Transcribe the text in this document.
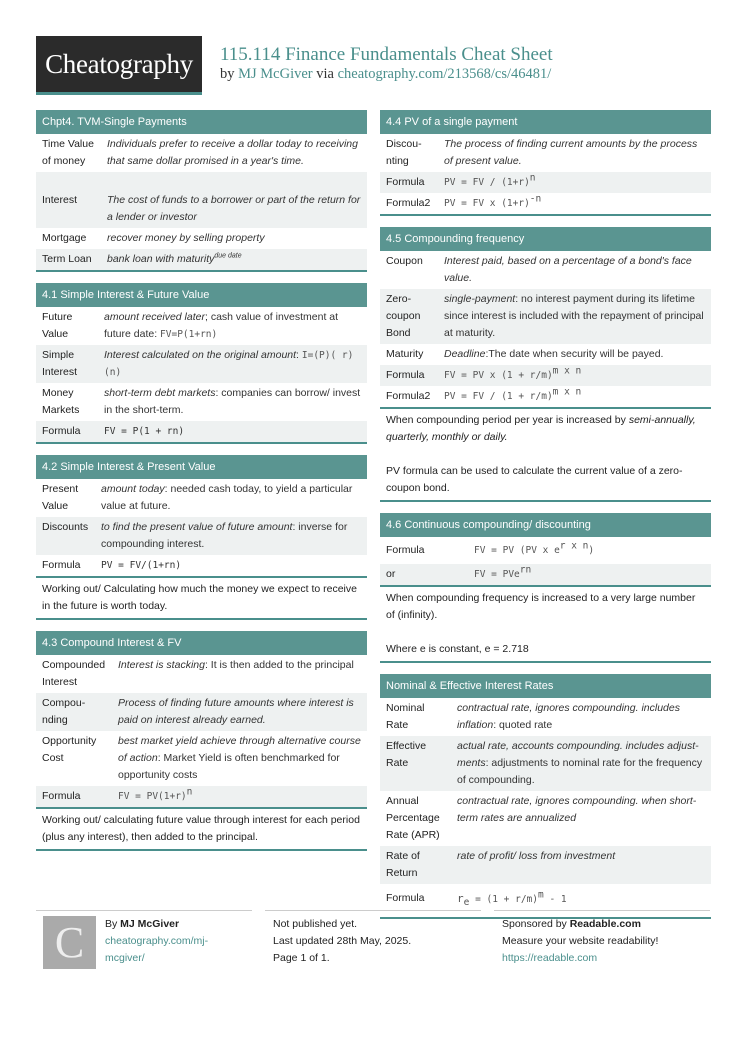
Cheatography	115.114 Finance Fundamentals Cheat Sheet
by MJ McGiver via cheatography.com/213568/cs/46481/
Chpt4. TVM-Single Payments
Time Value of money	Individuals prefer to receive a dollar today to receiving that same dollar promised in a year's time.
Interest	The cost of funds to a borrower or part of the return for a lender or investor
Mortgage	recover money by selling property
Term Loan	bank loan with maturity$^{due date}$
4.1 Simple Interest & Future Value
Future Value	amount received later; cash value of investment at future date: FV=P(1+rn)
Simple Interest	Interest calculated on the original amount: I=(P)( r)(n)
Money Markets	short-term debt markets: companies can borrow/ invest in the short-term.
Formula	FV = P(1 + rn)
4.2 Simple Interest & Present Value
Present Value	amount today: needed cash today, to yield a particular value at future.
Discounts	to find the present value of future amount: inverse for compounding interest.
Formula	PV = FV/(1+rn)
Working out/ Calculating how much the money we expect to receive in the future is worth today.
4.3 Compound Interest & FV
Compounded Interest	Interest is stacking: It is then added to the principal
Compou-nding	Process of finding future amounts where interest is paid on interest already earned.
Opportunity Cost	best market yield achieve through alternative course of action: Market Yield is often benchmarked for opportunity costs
Formula	FV = $PV(1+r)^n$
Working out/ calculating future value through interest for each period (plus any interest), then added to the principal.
4.4 PV of a single payment
Discou-nting	The process of finding current amounts by the process of present value.
Formula	PV = FV / $(1+r)^n$
Formula2	PV = FV x $(1+r)^{-n}$
4.5 Compounding frequency
Coupon	Interest paid, based on a percentage of a bond's face value.
Zero-coupon Bond	single-payment: no interest payment during its lifetime since interest is included with the repayment of principal at maturity.
Maturity	Deadline:The date when security will be payed.
Formula	FV = PV x $(1 + r/m)^{m x n}$
Formula2	PV = FV / $(1 + r/m)^{m x n}$
When compounding period per year is increased by semi-annually, quarterly, monthly or daily.

PV formula can be used to calculate the current value of a zero-coupon bond.
4.6 Continuous compounding/ discounting
Formula	FV = PV (PV x $e^{r x n}$)
or	FV = PVe$^{rn}$
When compounding frequency is increased to a very large number of (infinity).

Where e is constant, e = 2.718
Nominal & Effective Interest Rates
Nominal Rate	contractual rate, ignores compounding. includes inflation: quoted rate
Effective Rate	actual rate, accounts compounding. includes adjust-ments: adjustments to nominal rate for the frequency of compounding.
Annual Percentage Rate (APR)	contractual rate, ignores compounding. when short-term rates are annualized
Rate of Return	rate of profit/ loss from investment
Formula	$r_e = (1 + r/m)^m - 1$
C	By MJ McGiver
cheatography.com/mj-mcgiver/
Not published yet.
Last updated 28th May, 2025.
Page 1 of 1.
Sponsored by Readable.com
Measure your website readability!
https://readable.com
